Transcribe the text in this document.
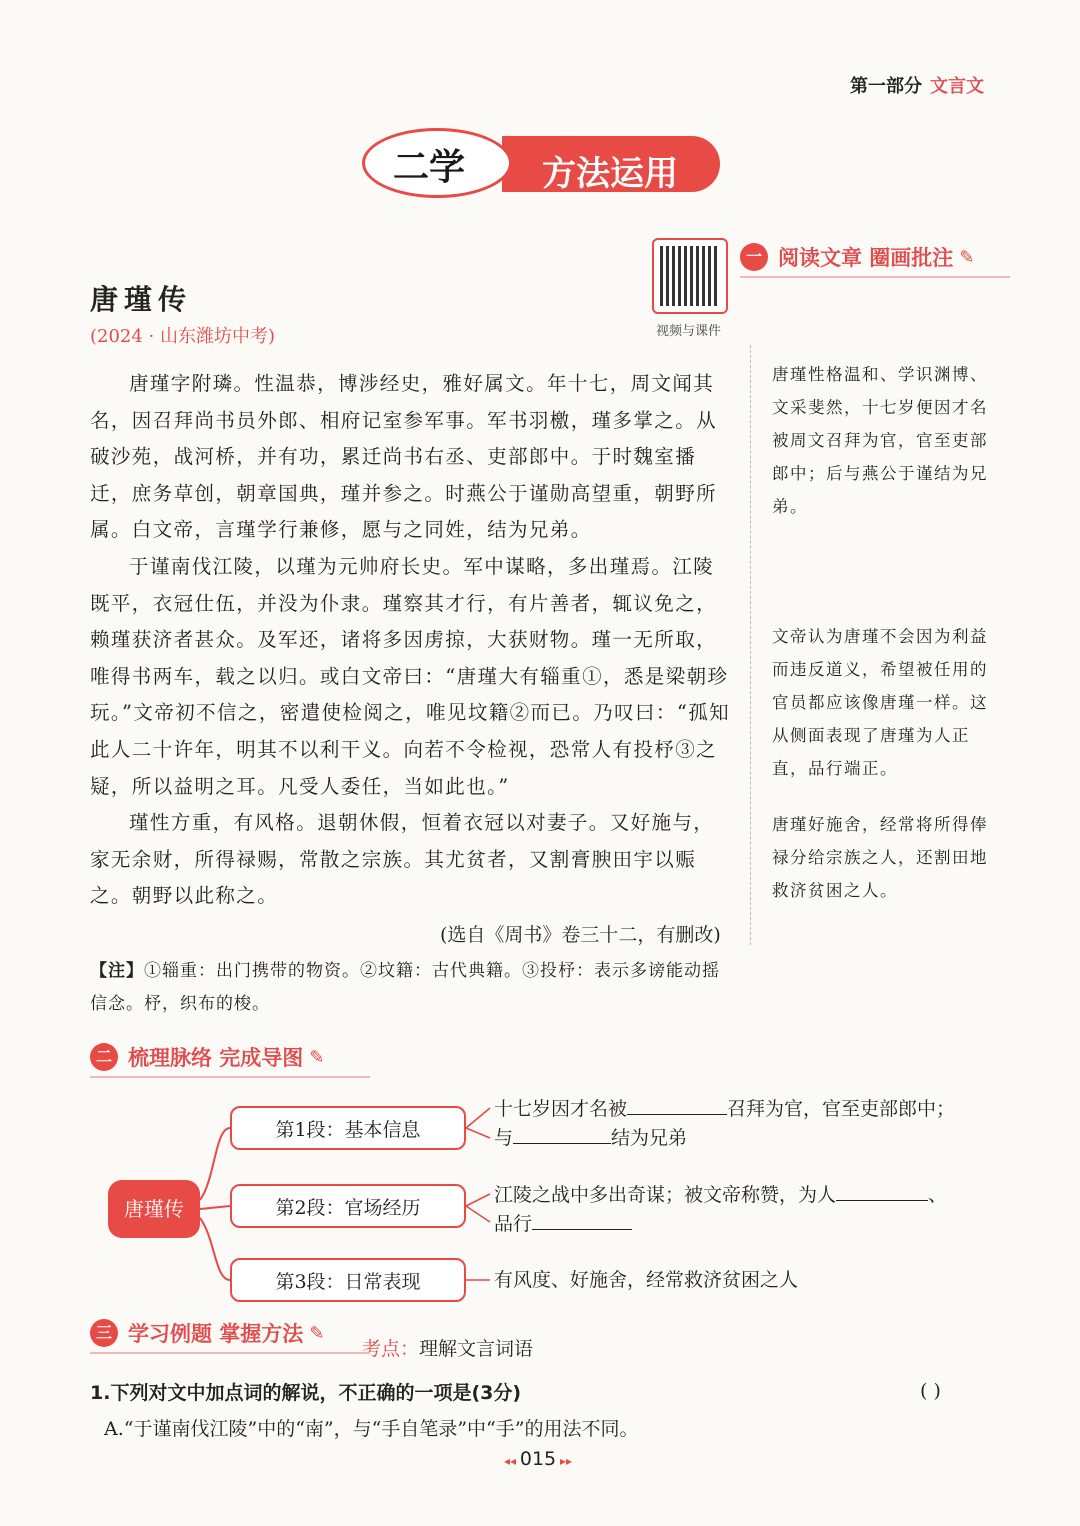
第一部分 文言文
方法运用
二学
视频与课件
一 阅读文章 圈画批注 ✎
唐瑾传
(2024 · 山东潍坊中考)

唐瑾字附璘。性温恭，博涉经史，雅好属文。年十七，周文闻其名，因召拜尚书员外郎、相府记室参军事。军书羽檄，瑾多掌之。从破沙苑，战河桥，并有功，累迁尚书右丞、吏部郎中。于时魏室播迁，庶务草创，朝章国典，瑾并参之。时燕公于谨勋高望重，朝野所属。白文帝，言瑾学行兼修，愿与之同姓，结为兄弟。

于谨南伐江陵，以瑾为元帅府长史。军中谋略，多出瑾焉。江陵既平，衣冠仕伍，并没为仆隶。瑾察其才行，有片善者，辄议免之，赖瑾获济者甚众。及军还，诸将多因虏掠，大获财物。瑾一无所取，唯得书两车，载之以归。或白文帝曰：“唐瑾大有辎重①，悉是梁朝珍玩。”文帝初不信之，密遣使检阅之，唯见坟籍②而已。乃叹曰：“孤知此人二十许年，明其不以利干义。向若不令检视，恐常人有投杼③之疑，所以益明之耳。凡受人委任，当如此也。”

瑾性方重，有风格。退朝休假，恒着衣冠以对妻子。又好施与，家无余财，所得禄赐，常散之宗族。其尤贫者，又割膏腴田宇以赈之。朝野以此称之。

(选自《周书》卷三十二，有删改)
【注】①辎重：出门携带的物资。②坟籍：古代典籍。③投杼：表示多谤能动摇信念。杼，织布的梭。
唐瑾性格温和、学识渊博、文采斐然，十七岁便因才名被周文召拜为官，官至吏部郎中；后与燕公于谨结为兄弟。
文帝认为唐瑾不会因为利益而违反道义，希望被任用的官员都应该像唐瑾一样。这从侧面表现了唐瑾为人正直，品行端正。
唐瑾好施舍，经常将所得俸禄分给宗族之人，还割田地救济贫困之人。
二 梳理脉络 完成导图 ✎
唐瑾传
第1段：基本信息
第2段：官场经历
第3段：日常表现
十七岁因才名被	召拜为官，官至吏部郎中；
与	结为兄弟
江陵之战中多出奇谋；被文帝称赞，为人	、
品行
有风度、好施舍，经常救济贫困之人
三 学习例题 掌握方法 ✎
考点：理解文言词语
1.下列对文中加点词的解说，不正确的一项是(3分)	( )
A.“于谨南伐江陵”中的“南”，与“手自笔录”中“手”的用法不同。
◂◂ 015 ▸▸
